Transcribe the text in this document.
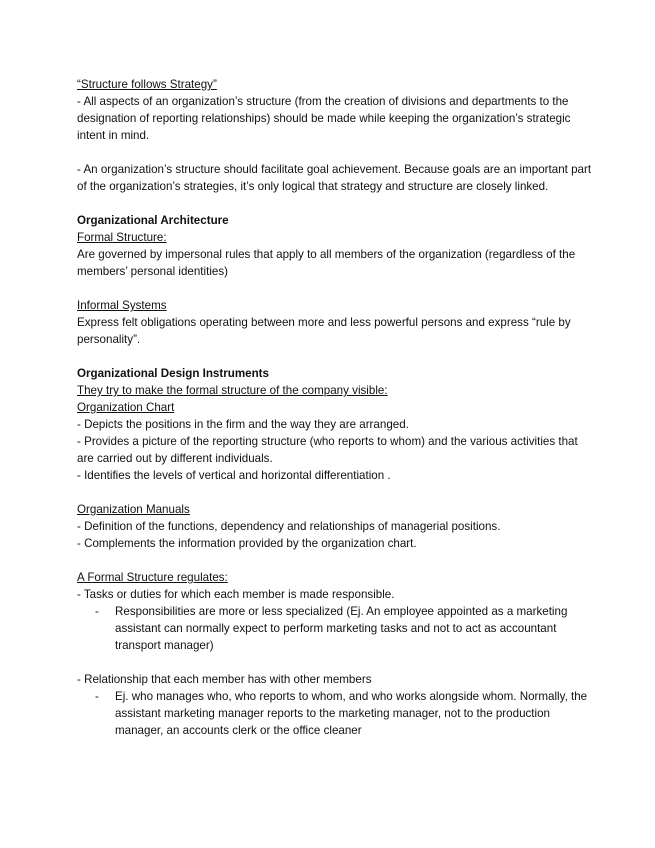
“Structure follows Strategy”

- All aspects of an organization’s structure (from the creation of divisions and departments to the designation of reporting relationships) should be made while keeping the organization’s strategic intent in mind.

- An organization’s structure should facilitate goal achievement. Because goals are an important part of the organization’s strategies, it’s only logical that strategy and structure are closely linked.

Organizational Architecture

Formal Structure:

Are governed by impersonal rules that apply to all members of the organization (regardless of the members’ personal identities)

Informal Systems

Express felt obligations operating between more and less powerful persons and express “rule by personality”.

Organizational Design Instruments

They try to make the formal structure of the company visible:

Organization Chart

- Depicts the positions in the firm and the way they are arranged.

- Provides a picture of the reporting structure (who reports to whom) and the various activities that are carried out by different individuals.

- Identifies the levels of vertical and horizontal differentiation .

Organization Manuals

- Definition of the functions, dependency and relationships of managerial positions.

- Complements the information provided by the organization chart.

A Formal Structure regulates:

- Tasks or duties for which each member is made responsible.

- Responsibilities are more or less specialized (Ej. An employee appointed as a marketing assistant can normally expect to perform marketing tasks and not to act as accountant transport manager)

- Relationship that each member has with other members

- Ej. who manages who, who reports to whom, and who works alongside whom. Normally, the assistant marketing manager reports to the marketing manager, not to the production manager, an accounts clerk or the office cleaner
